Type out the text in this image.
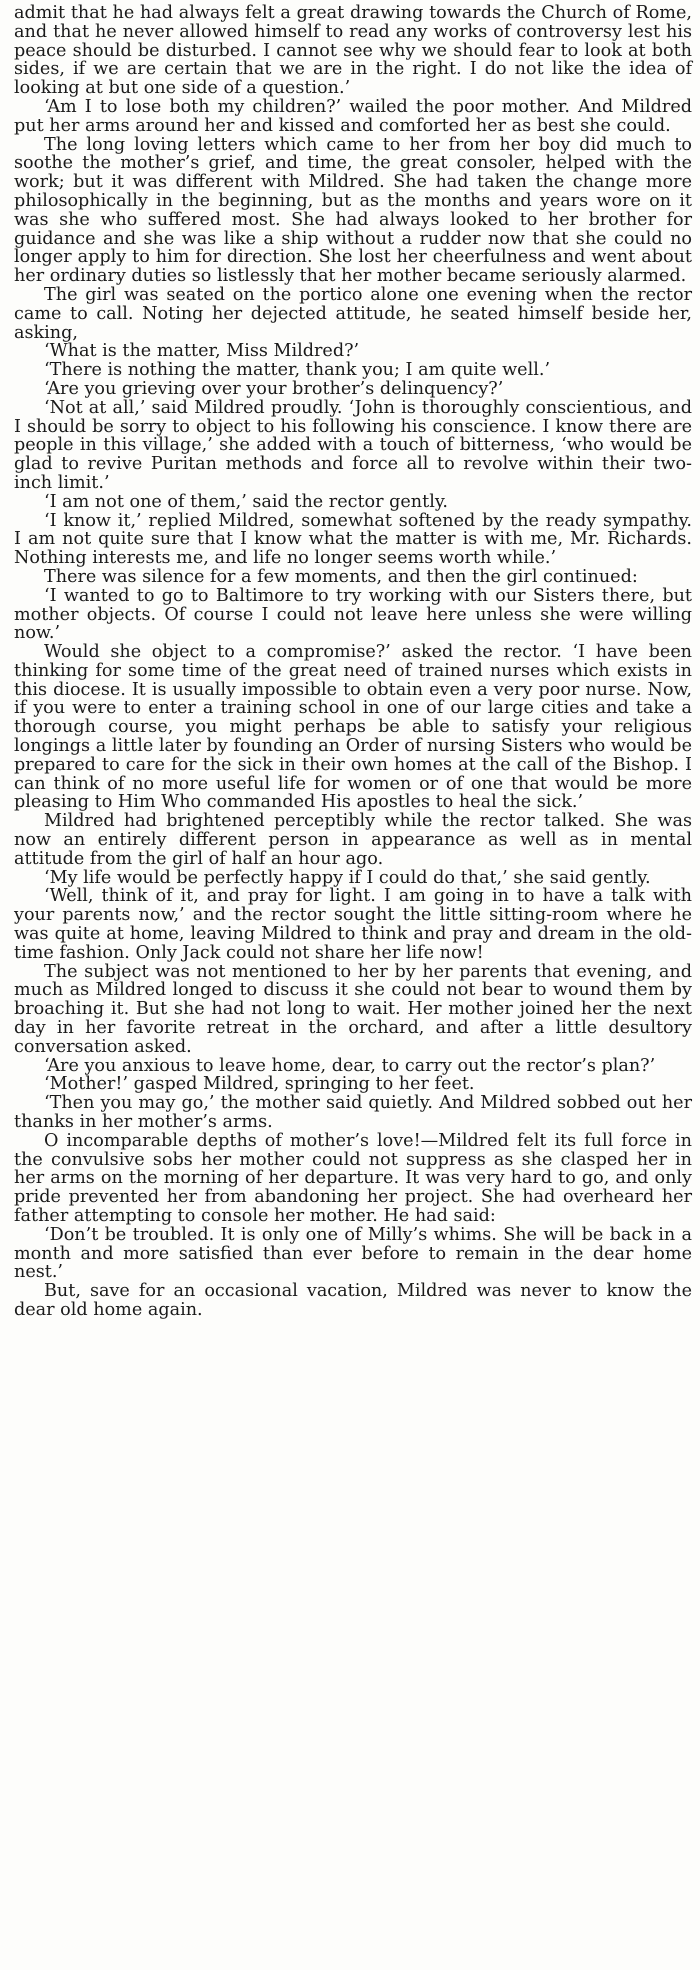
admit that he had always felt a great drawing towards the Church of Rome, and that he never allowed himself to read any works of controversy lest his peace should be disturbed. I cannot see why we should fear to look at both sides, if we are certain that we are in the right. I do not like the idea of looking at but one side of a question.’

‘Am I to lose both my children?’ wailed the poor mother. And Mildred put her arms around her and kissed and comforted her as best she could.

The long loving letters which came to her from her boy did much to soothe the mother’s grief, and time, the great consoler, helped with the work; but it was different with Mildred. She had taken the change more philosophically in the beginning, but as the months and years wore on it was she who suffered most. She had always looked to her brother for guidance and she was like a ship without a rudder now that she could no longer apply to him for direction. She lost her cheerfulness and went about her ordinary duties so listlessly that her mother became seriously alarmed.

The girl was seated on the portico alone one evening when the rector came to call. Noting her dejected attitude, he seated himself beside her, asking,

‘What is the matter, Miss Mildred?’

‘There is nothing the matter, thank you; I am quite well.’

‘Are you grieving over your brother’s delinquency?’

‘Not at all,’ said Mildred proudly. ‘John is thoroughly conscientious, and I should be sorry to object to his following his conscience. I know there are people in this village,’ she added with a touch of bitterness, ‘who would be glad to revive Puritan methods and force all to revolve within their two-inch limit.’

‘I am not one of them,’ said the rector gently.

‘I know it,’ replied Mildred, somewhat softened by the ready sympathy. I am not quite sure that I know what the matter is with me, Mr. Richards. Nothing interests me, and life no longer seems worth while.’

There was silence for a few moments, and then the girl continued:

‘I wanted to go to Baltimore to try working with our Sisters there, but mother objects. Of course I could not leave here unless she were willing now.’

Would she object to a compromise?’ asked the rector. ‘I have been thinking for some time of the great need of trained nurses which exists in this diocese. It is usually impossible to obtain even a very poor nurse. Now, if you were to enter a training school in one of our large cities and take a thorough course, you might perhaps be able to satisfy your religious longings a little later by founding an Order of nursing Sisters who would be prepared to care for the sick in their own homes at the call of the Bishop. I can think of no more useful life for women or of one that would be more pleasing to Him Who commanded His apostles to heal the sick.’

Mildred had brightened perceptibly while the rector talked. She was now an entirely different person in appearance as well as in mental attitude from the girl of half an hour ago.

‘My life would be perfectly happy if I could do that,’ she said gently.

‘Well, think of it, and pray for light. I am going in to have a talk with your parents now,’ and the rector sought the little sitting-room where he was quite at home, leaving Mildred to think and pray and dream in the old-time fashion. Only Jack could not share her life now!

The subject was not mentioned to her by her parents that evening, and much as Mildred longed to discuss it she could not bear to wound them by broaching it. But she had not long to wait. Her mother joined her the next day in her favorite retreat in the orchard, and after a little desultory conversation asked.

‘Are you anxious to leave home, dear, to carry out the rector’s plan?’

‘Mother!’ gasped Mildred, springing to her feet.

‘Then you may go,’ the mother said quietly. And Mildred sobbed out her thanks in her mother’s arms.

O incomparable depths of mother’s love!—Mildred felt its full force in the convulsive sobs her mother could not suppress as she clasped her in her arms on the morning of her departure. It was very hard to go, and only pride prevented her from abandoning her project. She had overheard her father attempting to console her mother. He had said:

‘Don’t be troubled. It is only one of Milly’s whims. She will be back in a month and more satisfied than ever before to remain in the dear home nest.’

But, save for an occasional vacation, Mildred was never to know the dear old home again.
